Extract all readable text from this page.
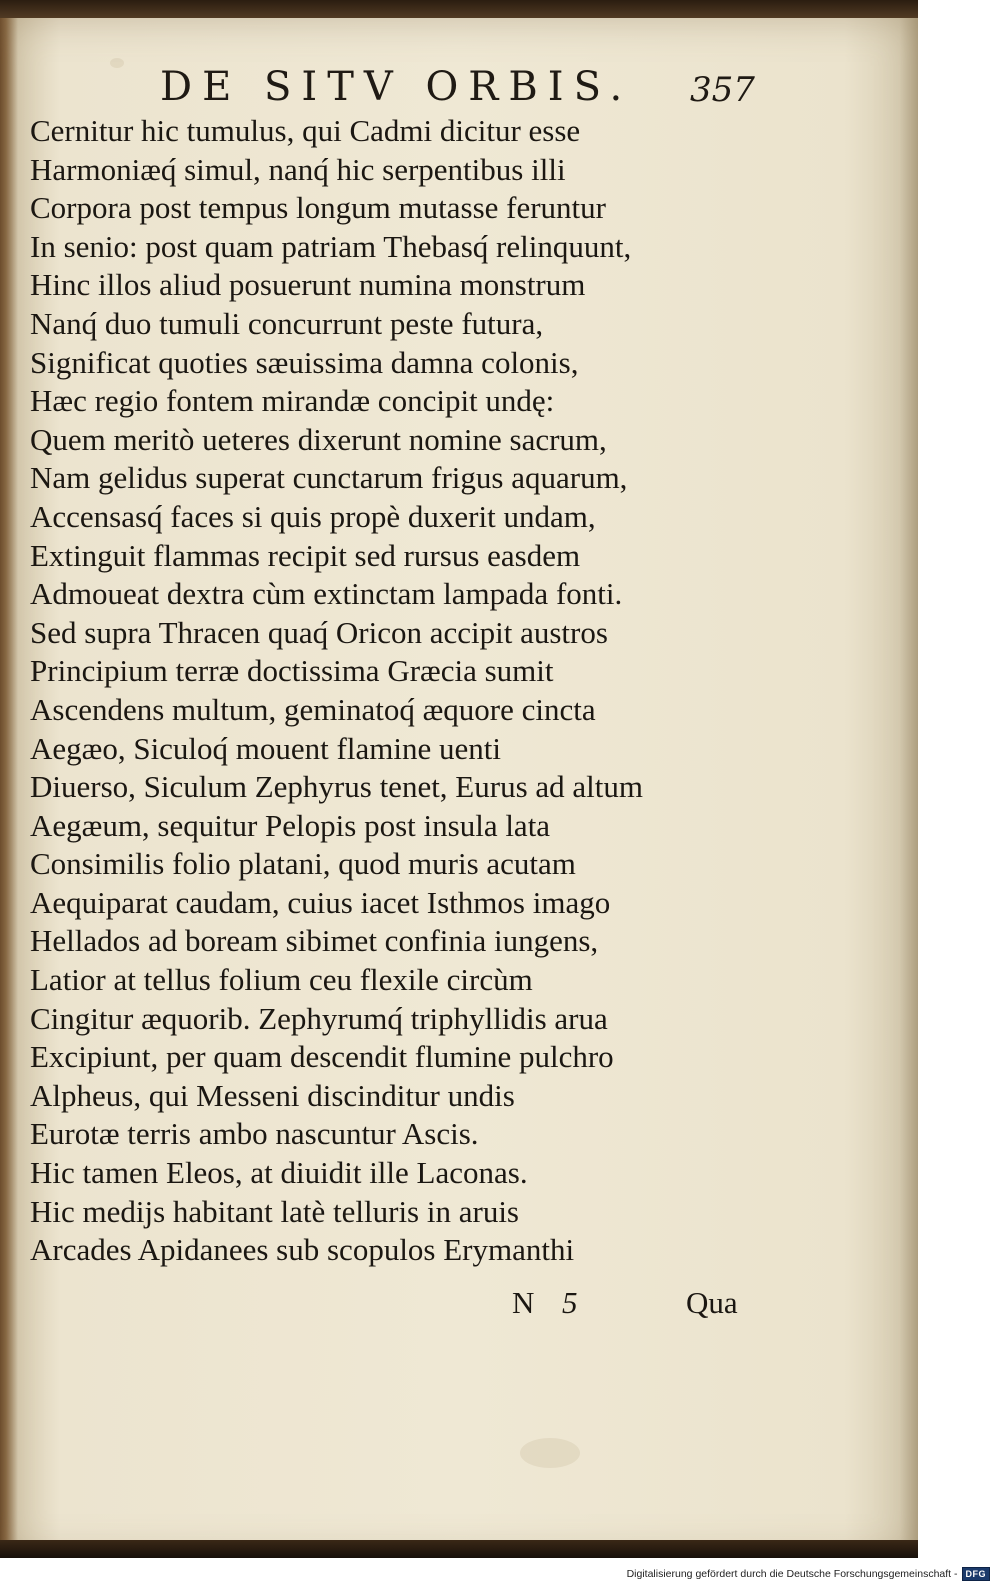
DE SITV ORBIS. 357
Cernitur hic tumulus, qui Cadmi dicitur esse
Harmoniæq́ simul, nanq́ hic serpentibus illi
Corpora post tempus longum mutasse feruntur
In senio: post quam patriam Thebasq́ relinquunt,
Hinc illos aliud posuerunt numina monstrum
Nanq́ duo tumuli concurrunt peste futura,
Significat quoties sæuissima damna colonis,
Hæc regio fontem mirandæ concipit undę:
Quem meritò ueteres dixerunt nomine sacrum,
Nam gelidus superat cunctarum frigus aquarum,
Accensasq́ faces si quis propè duxerit undam,
Extinguit flammas recipit sed rursus easdem
Admoueat dextra cùm extinctam lampada fonti.
Sed supra Thracen quaq́ Oricon accipit austros
Principium terræ doctissima Græcia sumit
Ascendens multum, geminatoq́ æquore cincta
Aegæo, Siculoq́ mouent flamine uenti
Diuerso, Siculum Zephyrus tenet, Eurus ad altum
Aegæum, sequitur Pelopis post insula lata
Consimilis folio platani, quod muris acutam
Aequiparat caudam, cuius iacet Isthmos imago
Hellados ad boream sibimet confinia iungens,
Latior at tellus folium ceu flexile circùm
Cingitur æquorib. Zephyrumq́ triphyllidis arua
Excipiunt, per quam descendit flumine pulchro
Alpheus, qui Messeni discinditur undis
Eurotæ terris ambo nascuntur Ascis.
Hic tamen Eleos, at diuidit ille Laconas.
Hic medijs habitant latè telluris in aruis
Arcades Apidanees sub scopulos Erymanthi
N 5	Qua
Digitalisierung gefördert durch die Deutsche Forschungsgemeinschaft - DFG
